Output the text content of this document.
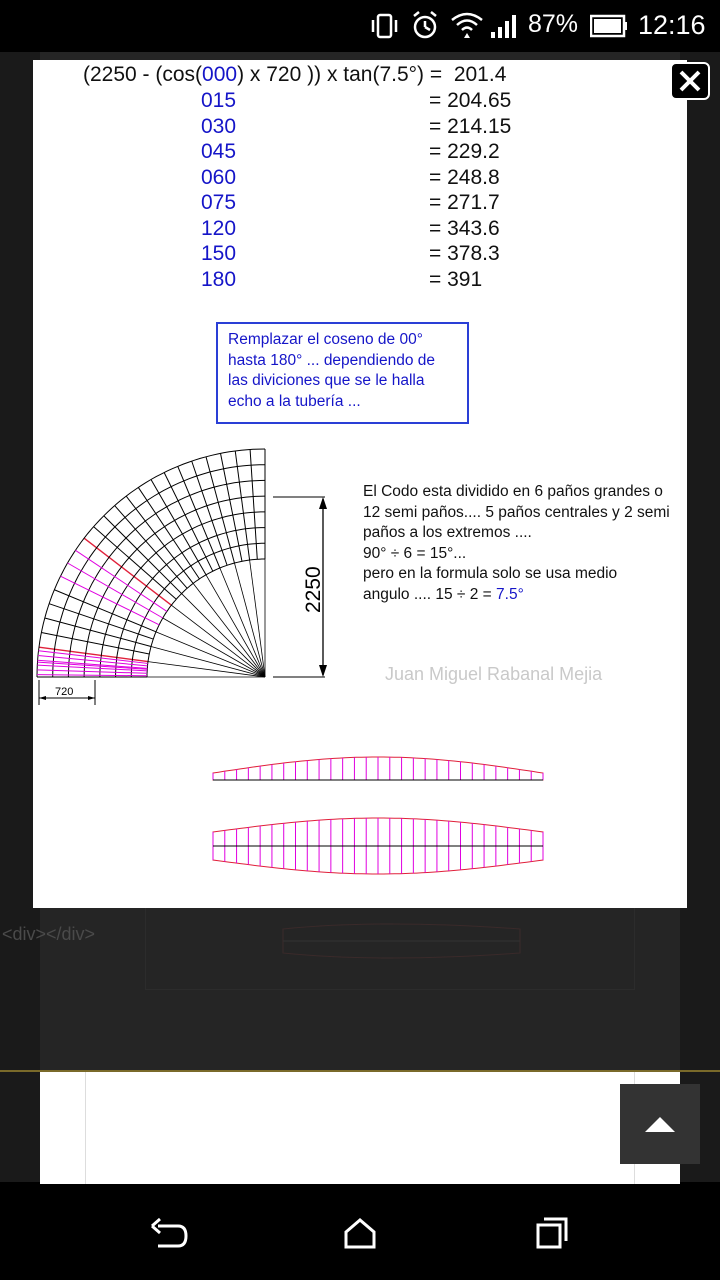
87% 12:16
<div></div>
(2250 - (cos(000) x 720 )) x tan(7.5°) = 201.4
015	= 204.65
030	= 214.15
045	= 229.2
060	= 248.8
075	= 271.7
120	= 343.6
150	= 378.3
180	= 391
Remplazar el coseno de 00°
hasta 180° ... dependiendo de
las diviciones que se le halla
echo a la tubería ...
2250
720
El Codo esta dividido en 6 paños grandes o
12 semi paños.... 5 paños centrales y 2 semi
paños a los extremos ....
90° ÷ 6 = 15°...
pero en la formula solo se usa medio
angulo .... 15 ÷ 2 = 7.5°
Juan Miguel Rabanal Mejia
